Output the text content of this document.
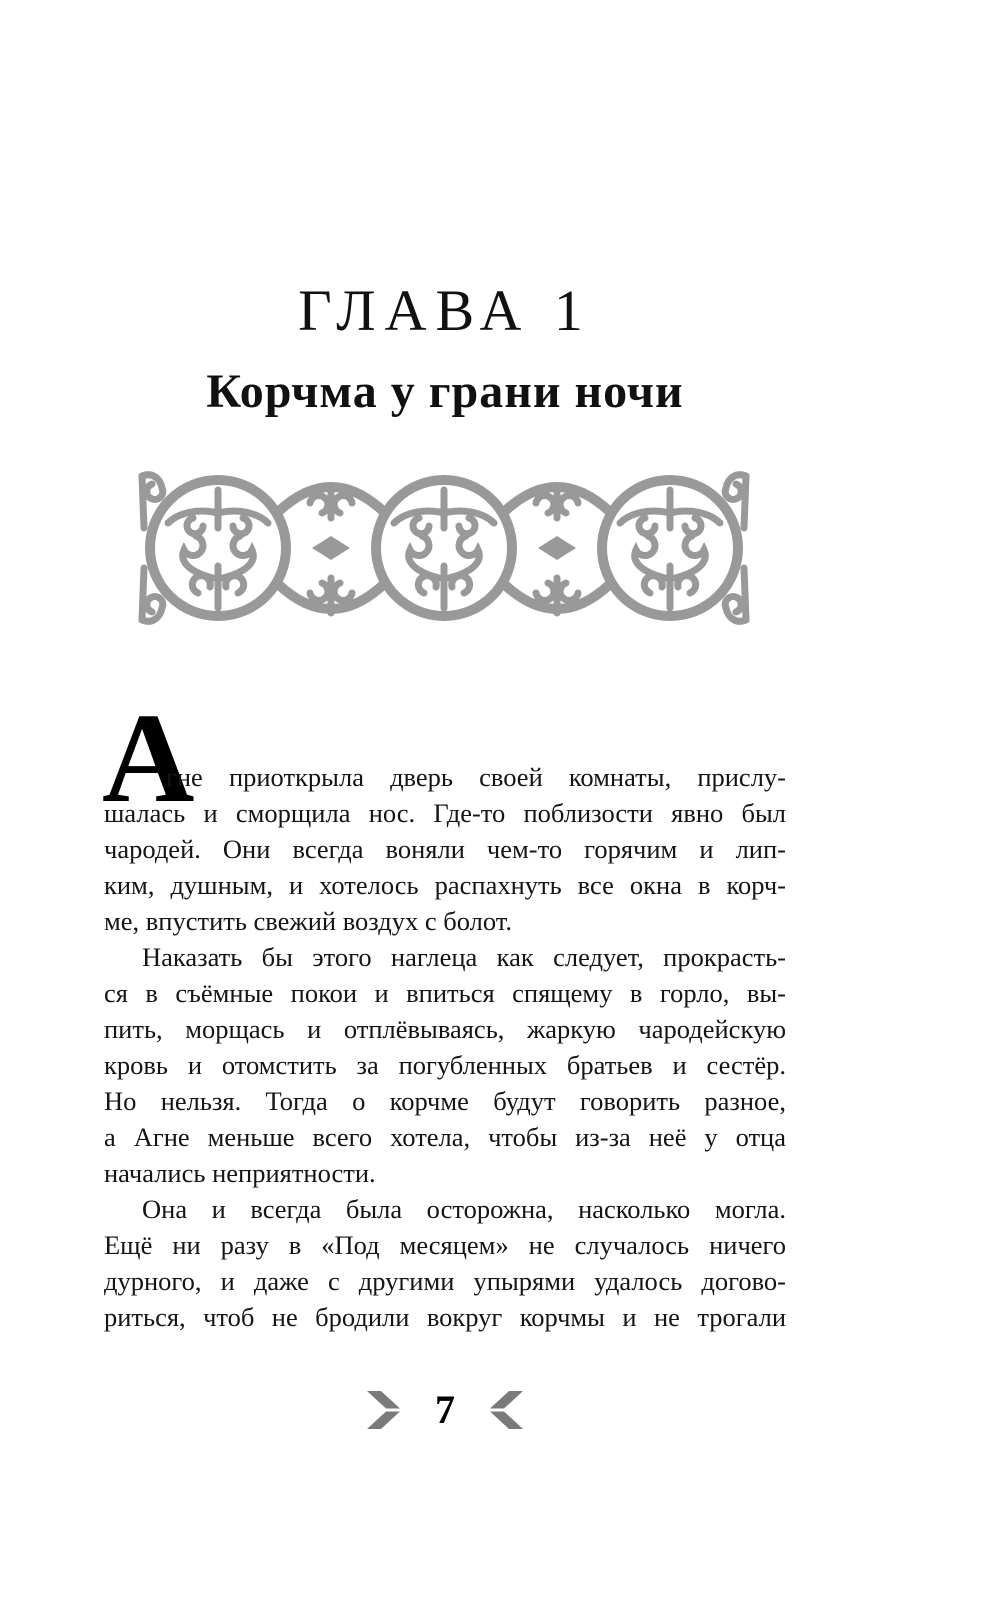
ГЛАВА 1
Корчма у грани ночи
А
гне приоткрыла дверь своей комнаты, прислу-
шалась и сморщила нос. Где-то поблизости явно был
чародей. Они всегда воняли чем-то горячим и лип-
ким, душным, и хотелось распахнуть все окна в корч-
ме, впустить свежий воздух с болот.
Наказать бы этого наглеца как следует, прокрасть-
ся в съёмные покои и впиться спящему в горло, вы-
пить, морщась и отплёвываясь, жаркую чародейскую
кровь и отомстить за погубленных братьев и сестёр.
Но нельзя. Тогда о корчме будут говорить разное,
а Агне меньше всего хотела, чтобы из-за неё у отца
начались неприятности.
Она и всегда была осторожна, насколько могла.
Ещё ни разу в «Под месяцем» не случалось ничего
дурного, и даже с другими упырями удалось догово-
риться, чтоб не бродили вокруг корчмы и не трогали
7
